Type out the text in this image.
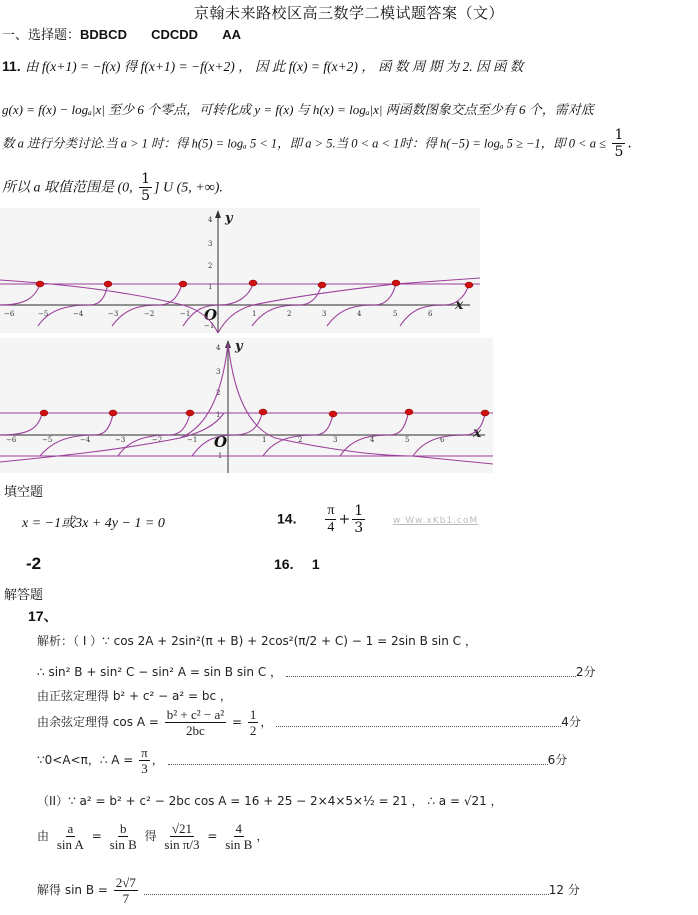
京翰未来路校区高三数学二模试题答案（文）
一、选择题：BDBCD CDCDD AA
11. 由 f(x+1) = −f(x) 得 f(x+1) = −f(x+2) ， 因 此 f(x) = f(x+2) ， 函 数 周 期 为 2. 因 函 数
g(x) = f(x) − logₐ|x| 至少 6 个零点，可转化成 y = f(x) 与 h(x) = logₐ|x| 两函数图象交点至少有 6 个，需对底
数 a 进行分类讨论.当 a > 1 时：得 h(5) = logₐ 5 < 1，即 a > 5.当 0 < a < 1时：得 h(−5) = logₐ 5 ≥ −1，即 $0 < a \le \frac{1}{5}$ .
所以 a 取值范围是 (0, $\frac{1}{5}$ ] U (5, +∞).
−6	−5	−4	−3	−2	−1	1	2	3	4	5	6
4
3
2
1
−1
y
x
O
−6	−5	−4	−3	−2	−1	1	2	3	4	5	6
4
3
2
1
−1
y
x
O
填空题
x = −1或3x + 4y − 1 = 0	14. $\frac{\pi}{4} + \frac{1}{3}$	w Ww.xKb1.coM
-2	16. 1
解答题
17、
解析：（ I ）∵ cos 2A + 2sin²(π + B) + 2cos²(π/2 + C) − 1 = 2sin B sin C ，
∴ sin² B + sin² C − sin² A = sin B sin C ，	2分
由正弦定理得 b² + c² − a² = bc ，
由余弦定理得 $\cos A = \frac{\text{b² + c² − a²}}{2bc} = \frac{1}{2}$ ，	4分
∵0<A<π，∴ $A = \frac{\pi}{3}$ ，	6分
（II）∵ a² = b² + c² − 2bc cos A = 16 + 25 − 2×4×5×½ = 21 ， ∴ a = √21 ，
由 $\frac{a}{\text{sin A}} = \frac{b}{\text{sin B}}$ 得 $\frac{√21}{\text{sin π/3}} = \frac{4}{\text{sin B}}$ ，
解得 $\sin B = \frac{2√7}{7}$	12 分
